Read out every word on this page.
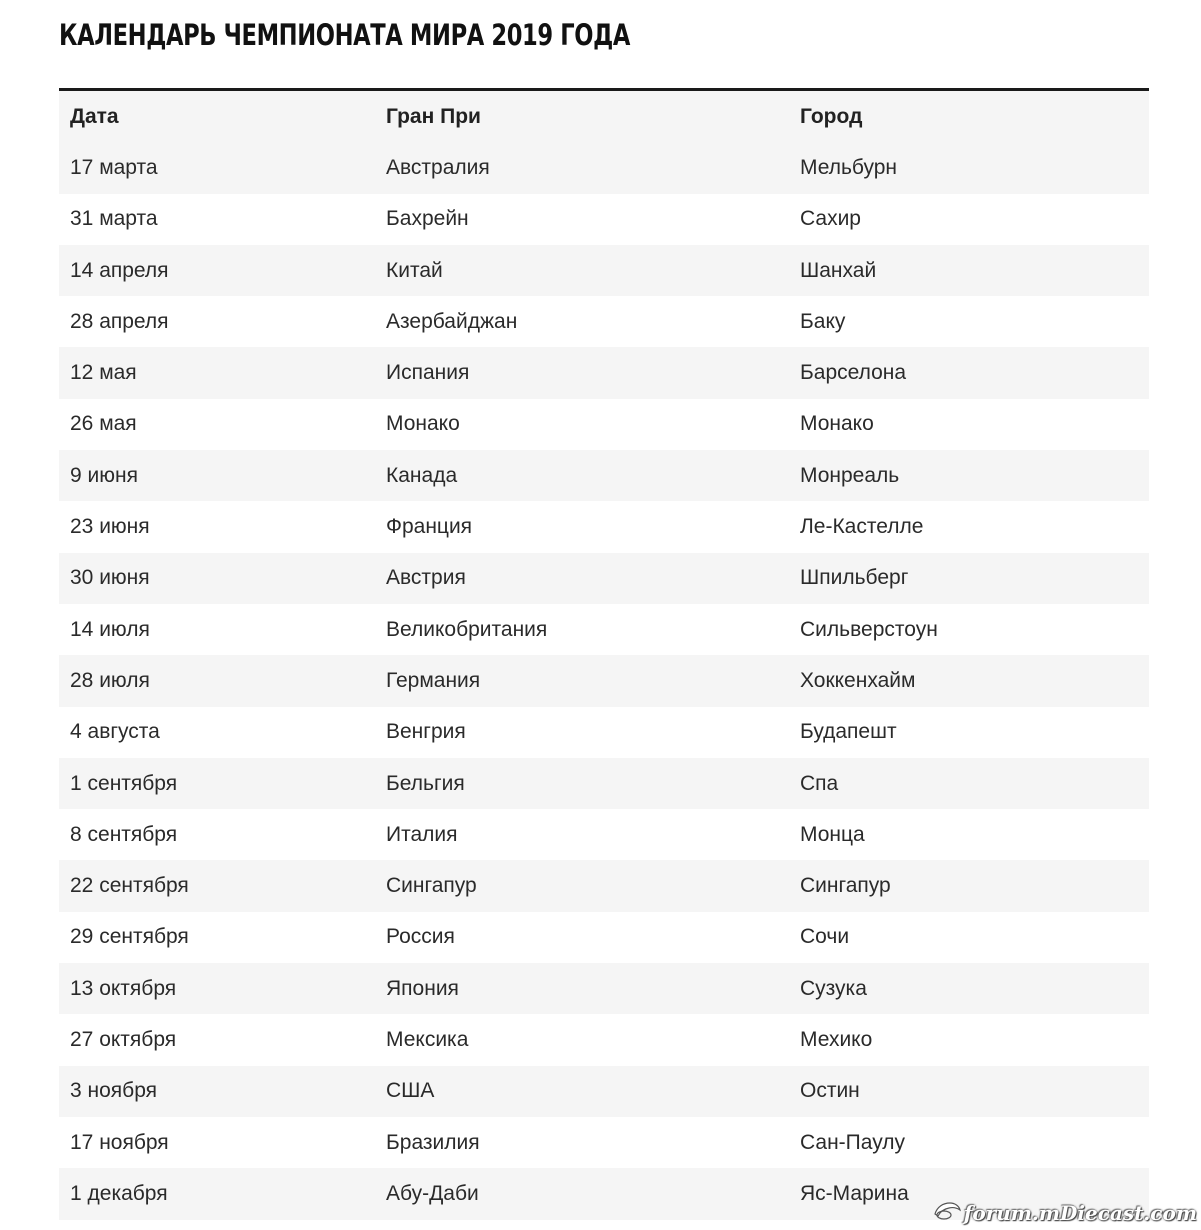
КАЛЕНДАРЬ ЧЕМПИОНАТА МИРА 2019 ГОДА
Дата	Гран При	Город
17 марта	Австралия	Мельбурн
31 марта	Бахрейн	Сахир
14 апреля	Китай	Шанхай
28 апреля	Азербайджан	Баку
12 мая	Испания	Барселона
26 мая	Монако	Монако
9 июня	Канада	Монреаль
23 июня	Франция	Ле-Кастелле
30 июня	Австрия	Шпильберг
14 июля	Великобритания	Сильверстоун
28 июля	Германия	Хоккенхайм
4 августа	Венгрия	Будапешт
1 сентября	Бельгия	Спа
8 сентября	Италия	Монца
22 сентября	Сингапур	Сингапур
29 сентября	Россия	Сочи
13 октября	Япония	Сузука
27 октября	Мексика	Мехико
3 ноября	США	Остин
17 ноября	Бразилия	Сан-Паулу
1 декабря	Абу-Даби	Яс-Марина
forum.mDiecast.com
